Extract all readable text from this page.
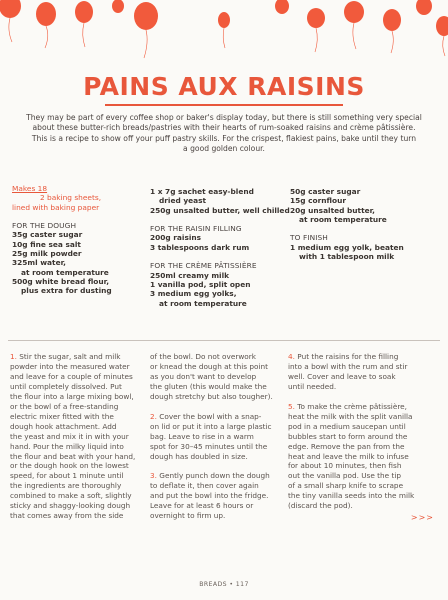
PAINS AUX RAISINS
They may be part of every coffee shop or baker's display today, but there is still something very special
about these butter-rich breads/pastries with their hearts of rum-soaked raisins and crème pâtissière.
This is a recipe to show off your puff pastry skills. For the crispest, flakiest pains, bake until they turn
a good golden colour.

Makes 18

2 baking sheets,

lined with baking paper

FOR THE DOUGH

35g caster sugar

10g fine sea salt

25g milk powder

325ml water,

at room temperature

500g white bread flour,

plus extra for dusting

1 x 7g sachet easy-blend

dried yeast

250g unsalted butter, well chilled

FOR THE RAISIN FILLING

200g raisins

3 tablespoons dark rum

FOR THE CRÈME PÂTISSIÈRE

250ml creamy milk

1 vanilla pod, split open

3 medium egg yolks,

at room temperature

50g caster sugar

15g cornflour

20g unsalted butter,

at room temperature

TO FINISH

1 medium egg yolk, beaten

with 1 tablespoon milk

1. Stir the sugar, salt and milk

powder into the measured water

and leave for a couple of minutes

until completely dissolved. Put

the flour into a large mixing bowl,

or the bowl of a free-standing

electric mixer fitted with the

dough hook attachment. Add

the yeast and mix it in with your

hand. Pour the milky liquid into

the flour and beat with your hand,

or the dough hook on the lowest

speed, for about 1 minute until

the ingredients are thoroughly

combined to make a soft, slightly

sticky and shaggy-looking dough

that comes away from the side

of the bowl. Do not overwork

or knead the dough at this point

as you don't want to develop

the gluten (this would make the

dough stretchy but also tougher).

2. Cover the bowl with a snap-

on lid or put it into a large plastic

bag. Leave to rise in a warm

spot for 30–45 minutes until the

dough has doubled in size.

3. Gently punch down the dough

to deflate it, then cover again

and put the bowl into the fridge.

Leave for at least 6 hours or

overnight to firm up.

4. Put the raisins for the filling

into a bowl with the rum and stir

well. Cover and leave to soak

until needed.

5. To make the crème pâtissière,

heat the milk with the split vanilla

pod in a medium saucepan until

bubbles start to form around the

edge. Remove the pan from the

heat and leave the milk to infuse

for about 10 minutes, then fish

out the vanilla pod. Use the tip

of a small sharp knife to scrape

the tiny vanilla seeds into the milk

(discard the pod).

>>>

BREADS • 117
